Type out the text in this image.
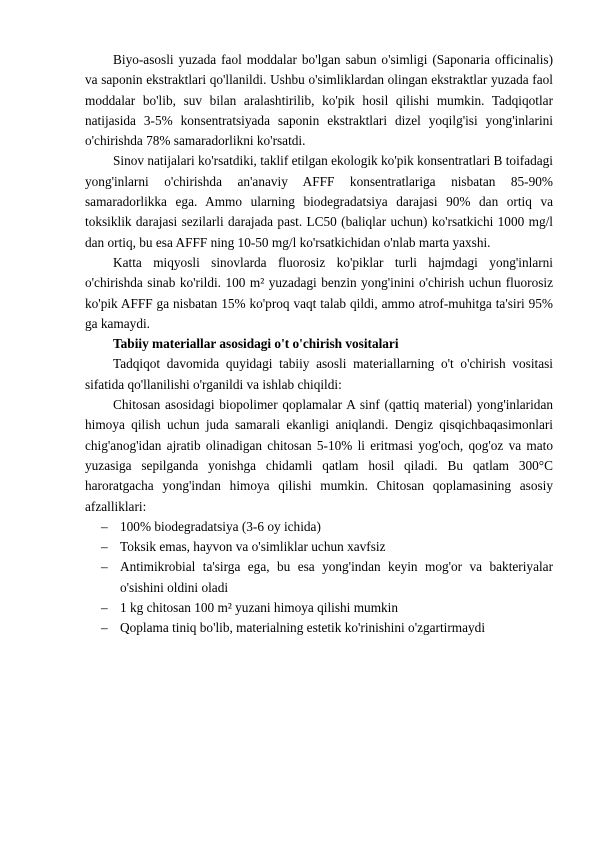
Biyo-asosli yuzada faol moddalar bo'lgan sabun o'simligi (Saponaria officinalis) va saponin ekstraktlari qo'llanildi. Ushbu o'simliklardan olingan ekstraktlar yuzada faol moddalar bo'lib, suv bilan aralashtirilib, ko'pik hosil qilishi mumkin. Tadqiqotlar natijasida 3-5% konsentratsiyada saponin ekstraktlari dizel yoqilg'isi yong'inlarini o'chirishda 78% samaradorlikni ko'rsatdi.

Sinov natijalari ko'rsatdiki, taklif etilgan ekologik ko'pik konsentratlari B toifadagi yong'inlarni o'chirishda an'anaviy AFFF konsentratlariga nisbatan 85-90% samaradorlikka ega. Ammo ularning biodegradatsiya darajasi 90% dan ortiq va toksiklik darajasi sezilarli darajada past. LC50 (baliqlar uchun) ko'rsatkichi 1000 mg/l dan ortiq, bu esa AFFF ning 10-50 mg/l ko'rsatkichidan o'nlab marta yaxshi.

Katta miqyosli sinovlarda fluorosiz ko'piklar turli hajmdagi yong'inlarni o'chirishda sinab ko'rildi. 100 m² yuzadagi benzin yong'inini o'chirish uchun fluorosiz ko'pik AFFF ga nisbatan 15% ko'proq vaqt talab qildi, ammo atrof-muhitga ta'siri 95% ga kamaydi.

Tabiiy materiallar asosidagi o't o'chirish vositalari

Tadqiqot davomida quyidagi tabiiy asosli materiallarning o't o'chirish vositasi sifatida qo'llanilishi o'rganildi va ishlab chiqildi:

Chitosan asosidagi biopolimer qoplamalar A sinf (qattiq material) yong'inlaridan himoya qilish uchun juda samarali ekanligi aniqlandi. Dengiz qisqichbaqasimonlari chig'anog'idan ajratib olinadigan chitosan 5-10% li eritmasi yog'och, qog'oz va mato yuzasiga sepilganda yonishga chidamli qatlam hosil qiladi. Bu qatlam 300°C haroratgacha yong'indan himoya qilishi mumkin. Chitosan qoplamasining asosiy afzalliklari:

– 100% biodegradatsiya (3-6 oy ichida)
– Toksik emas, hayvon va o'simliklar uchun xavfsiz
– Antimikrobial ta'sirga ega, bu esa yong'indan keyin mog'or va bakteriyalar o'sishini oldini oladi
– 1 kg chitosan 100 m² yuzani himoya qilishi mumkin
– Qoplama tiniq bo'lib, materialning estetik ko'rinishini o'zgartirmaydi
